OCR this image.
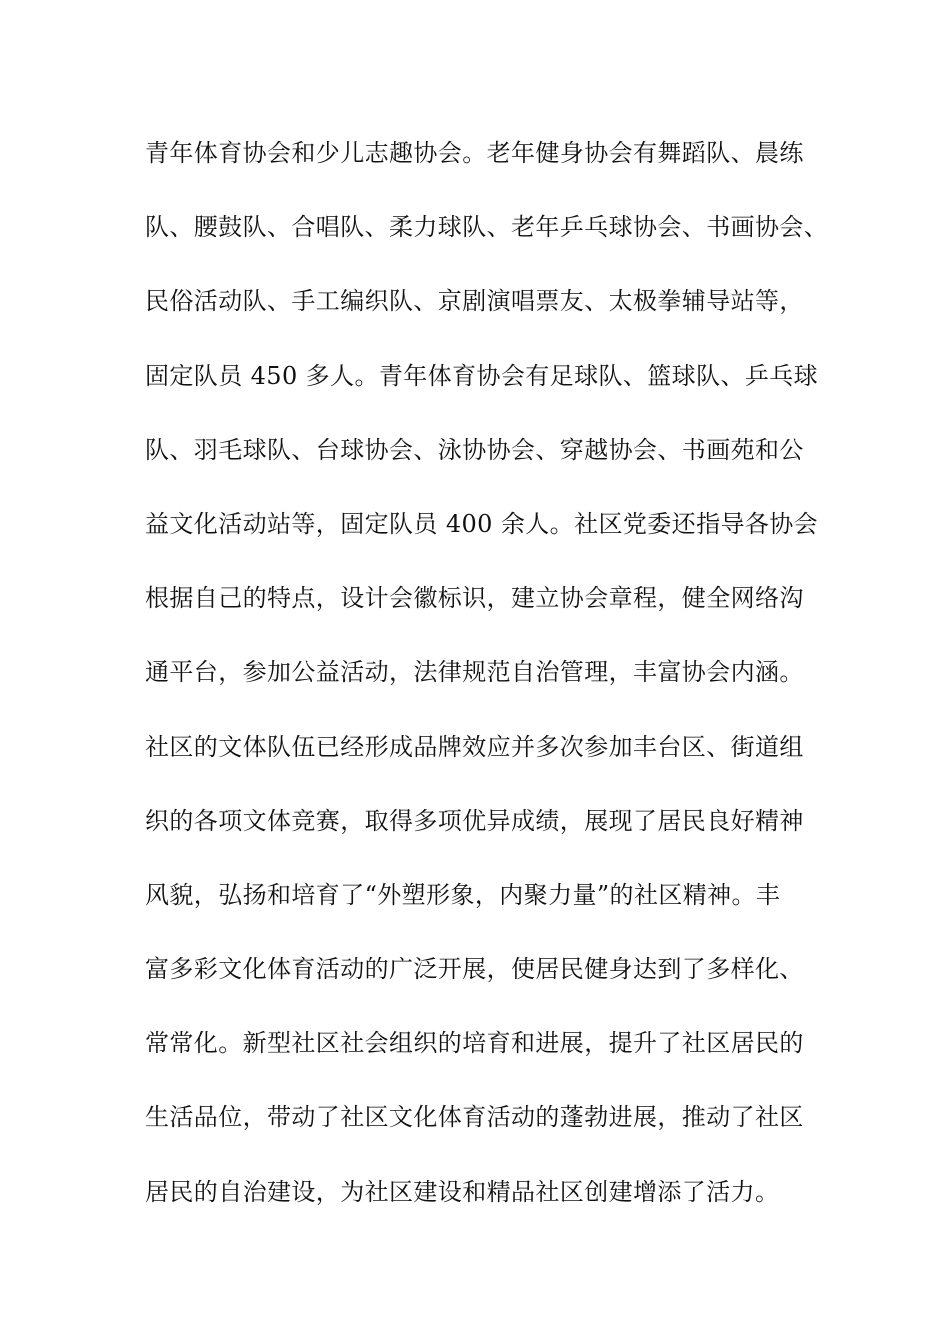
青年体育协会和少儿志趣协会。老年健身协会有舞蹈队、晨练
队、腰鼓队、合唱队、柔力球队、老年乒乓球协会、书画协会、
民俗活动队、手工编织队、京剧演唱票友、太极拳辅导站等，
固定队员 450 多人。青年体育协会有足球队、篮球队、乒乓球
队、羽毛球队、台球协会、泳协协会、穿越协会、书画苑和公
益文化活动站等，固定队员 400 余人。社区党委还指导各协会
根据自己的特点，设计会徽标识，建立协会章程，健全网络沟
通平台，参加公益活动，法律规范自治管理，丰富协会内涵。
社区的文体队伍已经形成品牌效应并多次参加丰台区、街道组
织的各项文体竞赛，取得多项优异成绩，展现了居民良好精神
风貌，弘扬和培育了“外塑形象，内聚力量”的社区精神。丰
富多彩文化体育活动的广泛开展，使居民健身达到了多样化、
常常化。新型社区社会组织的培育和进展，提升了社区居民的
生活品位，带动了社区文化体育活动的蓬勃进展，推动了社区
居民的自治建设，为社区建设和精品社区创建增添了活力。
